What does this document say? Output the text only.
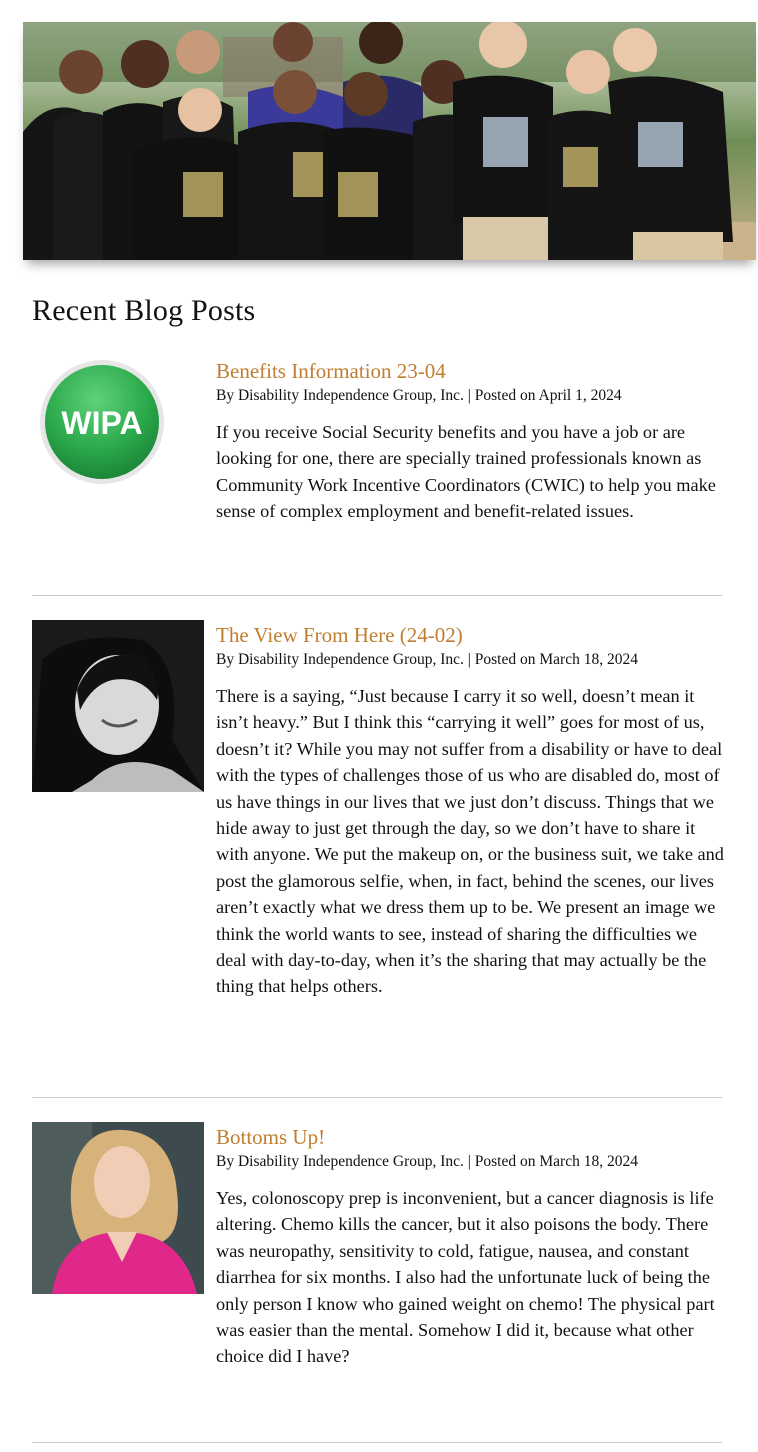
Recent Blog Posts
WIPA
Benefits Information 23-04
By Disability Independence Group, Inc. | Posted on April 1, 2024
If you receive Social Security benefits and you have a job or are looking for one, there are specially trained professionals known as Community Work Incentive Coordinators (CWIC) to help you make sense of complex employment and benefit-related issues.
The View From Here (24-02)
By Disability Independence Group, Inc. | Posted on March 18, 2024
There is a saying, “Just because I carry it so well, doesn’t mean it isn’t heavy.” But I think this “carrying it well” goes for most of us, doesn’t it? While you may not suffer from a disability or have to deal with the types of challenges those of us who are disabled do, most of us have things in our lives that we just don’t discuss. Things that we hide away to just get through the day, so we don’t have to share it with anyone. We put the makeup on, or the business suit, we take and post the glamorous selfie, when, in fact, behind the scenes, our lives aren’t exactly what we dress them up to be. We present an image we think the world wants to see, instead of sharing the difficulties we deal with day-to-day, when it’s the sharing that may actually be the thing that helps others.
Bottoms Up!
By Disability Independence Group, Inc. | Posted on March 18, 2024
Yes, colonoscopy prep is inconvenient, but a cancer diagnosis is life altering. Chemo kills the cancer, but it also poisons the body. There was neuropathy, sensitivity to cold, fatigue, nausea, and constant diarrhea for six months. I also had the unfortunate luck of being the only person I know who gained weight on chemo! The physical part was easier than the mental. Somehow I did it, because what other choice did I have?
